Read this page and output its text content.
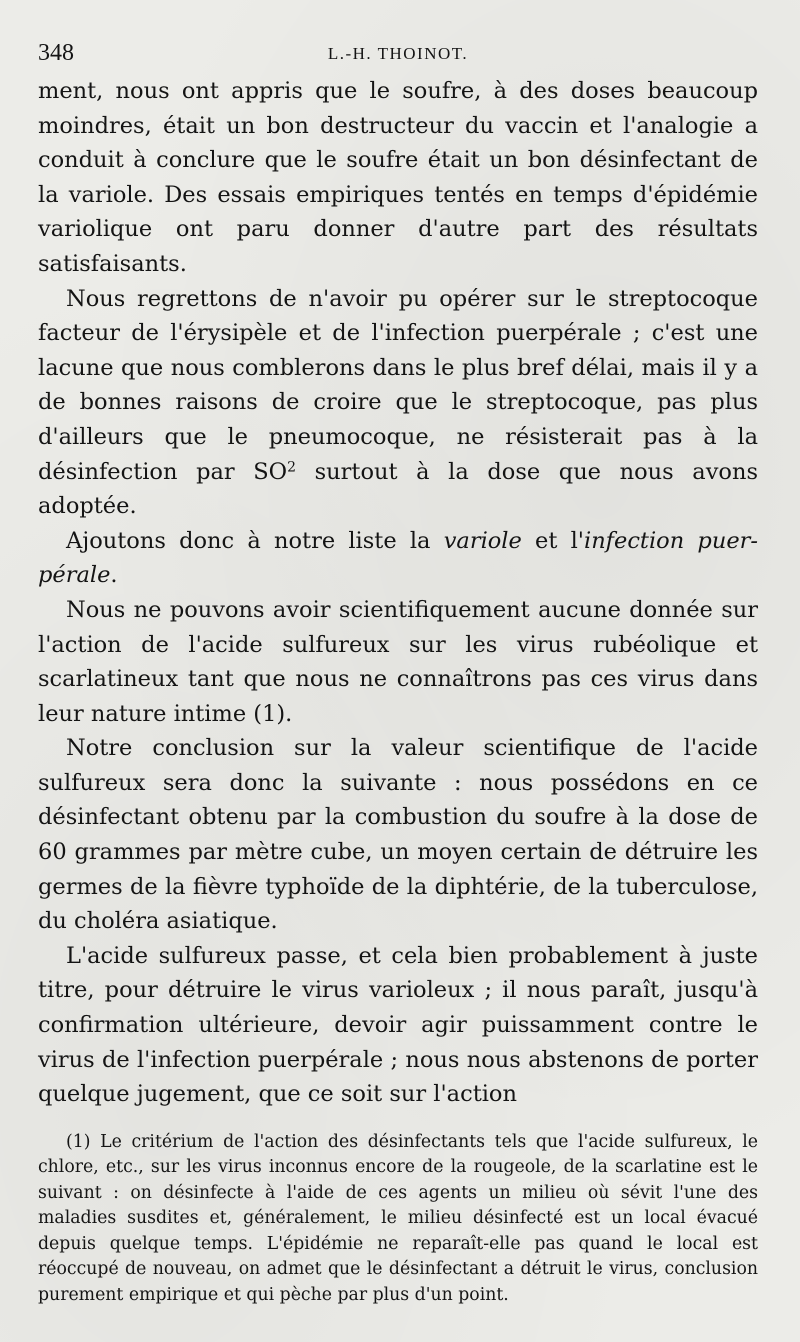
348	L.-H. THOINOT.

ment, nous ont appris que le soufre, à des doses beaucoup moindres, était un bon destructeur du vaccin et l'analogie a conduit à conclure que le soufre était un bon désinfectant de la variole. Des essais empiriques tentés en temps d'épidémie variolique ont paru donner d'autre part des résultats satisfaisants.

Nous regrettons de n'avoir pu opérer sur le streptocoque facteur de l'érysipèle et de l'infection puerpérale ; c'est une lacune que nous comblerons dans le plus bref délai, mais il y a de bonnes raisons de croire que le streptocoque, pas plus d'ailleurs que le pneumocoque, ne résisterait pas à la désinfection par $SO^2$ surtout à la dose que nous avons adoptée.

Ajoutons donc à notre liste la variole et l'infection puerpérale.

Nous ne pouvons avoir scientifiquement aucune donnée sur l'action de l'acide sulfureux sur les virus rubéolique et scarlatineux tant que nous ne connaîtrons pas ces virus dans leur nature intime (1).

Notre conclusion sur la valeur scientifique de l'acide sulfureux sera donc la suivante : nous possédons en ce désinfectant obtenu par la combustion du soufre à la dose de 60 grammes par mètre cube, un moyen certain de détruire les germes de la fièvre typhoïde de la diphtérie, de la tuberculose, du choléra asiatique.

L'acide sulfureux passe, et cela bien probablement à juste titre, pour détruire le virus varioleux ; il nous paraît, jusqu'à confirmation ultérieure, devoir agir puissamment contre le virus de l'infection puerpérale ; nous nous abstenons de porter quelque jugement, que ce soit sur l'action

(1) Le critérium de l'action des désinfectants tels que l'acide sulfureux, le chlore, etc., sur les virus inconnus encore de la rougeole, de la scarlatine est le suivant : on désinfecte à l'aide de ces agents un milieu où sévit l'une des maladies susdites et, généralement, le milieu désinfecté est un local évacué depuis quelque temps. L'épidémie ne reparaît-elle pas quand le local est réoccupé de nouveau, on admet que le désinfectant a détruit le virus, conclusion purement empirique et qui pèche par plus d'un point.
